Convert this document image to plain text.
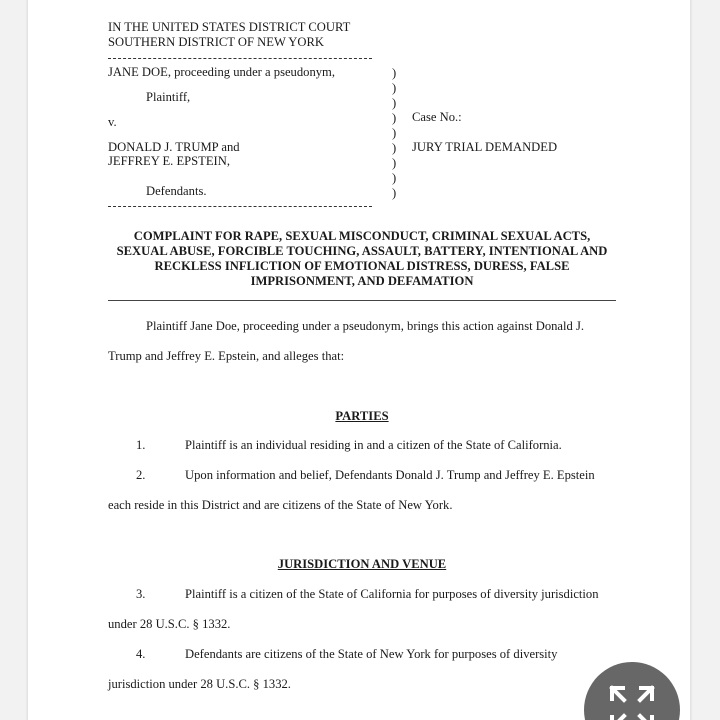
IN THE UNITED STATES DISTRICT COURT
SOUTHERN DISTRICT OF NEW YORK
JANE DOE, proceeding under a pseudonym,
Plaintiff,
v.
DONALD J. TRUMP and
JEFFREY E. EPSTEIN,
Defendants.
)
)
)
)
)
)
)
)
)
Case No.:
JURY TRIAL DEMANDED
COMPLAINT FOR RAPE, SEXUAL MISCONDUCT, CRIMINAL SEXUAL ACTS, SEXUAL ABUSE, FORCIBLE TOUCHING, ASSAULT, BATTERY, INTENTIONAL AND RECKLESS INFLICTION OF EMOTIONAL DISTRESS, DURESS, FALSE IMPRISONMENT, AND DEFAMATION
Plaintiff Jane Doe, proceeding under a pseudonym, brings this action against Donald J.
Trump and Jeffrey E. Epstein, and alleges that:
PARTIES
1.	Plaintiff is an individual residing in and a citizen of the State of California.
2.	Upon information and belief, Defendants Donald J. Trump and Jeffrey E. Epstein
each reside in this District and are citizens of the State of New York.
JURISDICTION AND VENUE
3.	Plaintiff is a citizen of the State of California for purposes of diversity jurisdiction
under 28 U.S.C. § 1332.
4.	Defendants are citizens of the State of New York for purposes of diversity
jurisdiction under 28 U.S.C. § 1332.
